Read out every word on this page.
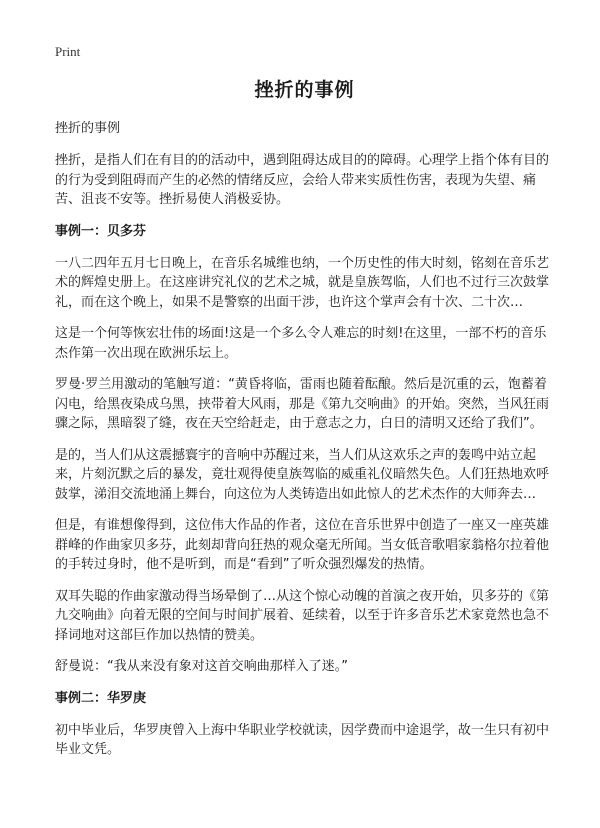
Print
挫折的事例
挫折的事例

挫折，是指人们在有目的的活动中，遇到阻碍达成目的的障碍。心理学上指个体有目的的行为受到阻碍而产生的必然的情绪反应，会给人带来实质性伤害，表现为失望、痛苦、沮丧不安等。挫折易使人消极妥协。

事例一：贝多芬

一八二四年五月七日晚上，在音乐名城维也纳，一个历史性的伟大时刻，铭刻在音乐艺术的辉煌史册上。在这座讲究礼仪的艺术之城，就是皇族驾临，人们也不过行三次鼓掌礼，而在这个晚上，如果不是警察的出面干涉，也许这个掌声会有十次、二十次…

这是一个何等恢宏壮伟的场面!这是一个多么令人难忘的时刻!在这里，一部不朽的音乐杰作第一次出现在欧洲乐坛上。

罗曼·罗兰用激动的笔触写道：“黄昏将临，雷雨也随着酝酿。然后是沉重的云，饱蓄着闪电，给黑夜染成乌黑，挟带着大风雨，那是《第九交响曲》的开始。突然，当风狂雨骤之际，黑暗裂了缝，夜在天空给赶走，由于意志之力，白日的清明又还给了我们”。

是的，当人们从这震撼寰宇的音响中苏醒过来，当人们从这欢乐之声的轰鸣中站立起来，片刻沉默之后的暴发，竟壮观得使皇族驾临的威重礼仪暗然失色。人们狂热地欢呼鼓掌，涕泪交流地涌上舞台，向这位为人类铸造出如此惊人的艺术杰作的大师奔去…

但是，有谁想像得到，这位伟大作品的作者，这位在音乐世界中创造了一座又一座英雄群峰的作曲家贝多芬，此刻却背向狂热的观众毫无所闻。当女低音歌唱家翁格尔拉着他的手转过身时，他不是听到，而是“看到”了听众强烈爆发的热情。

双耳失聪的作曲家激动得当场晕倒了…从这个惊心动魄的首演之夜开始，贝多芬的《第九交响曲》向着无限的空间与时间扩展着、延续着，以至于许多音乐艺术家竟然也急不择词地对这部巨作加以热情的赞美。

舒曼说：“我从来没有象对这首交响曲那样入了迷。”

事例二：华罗庚

初中毕业后，华罗庚曾入上海中华职业学校就读，因学费而中途退学，故一生只有初中毕业文凭。
